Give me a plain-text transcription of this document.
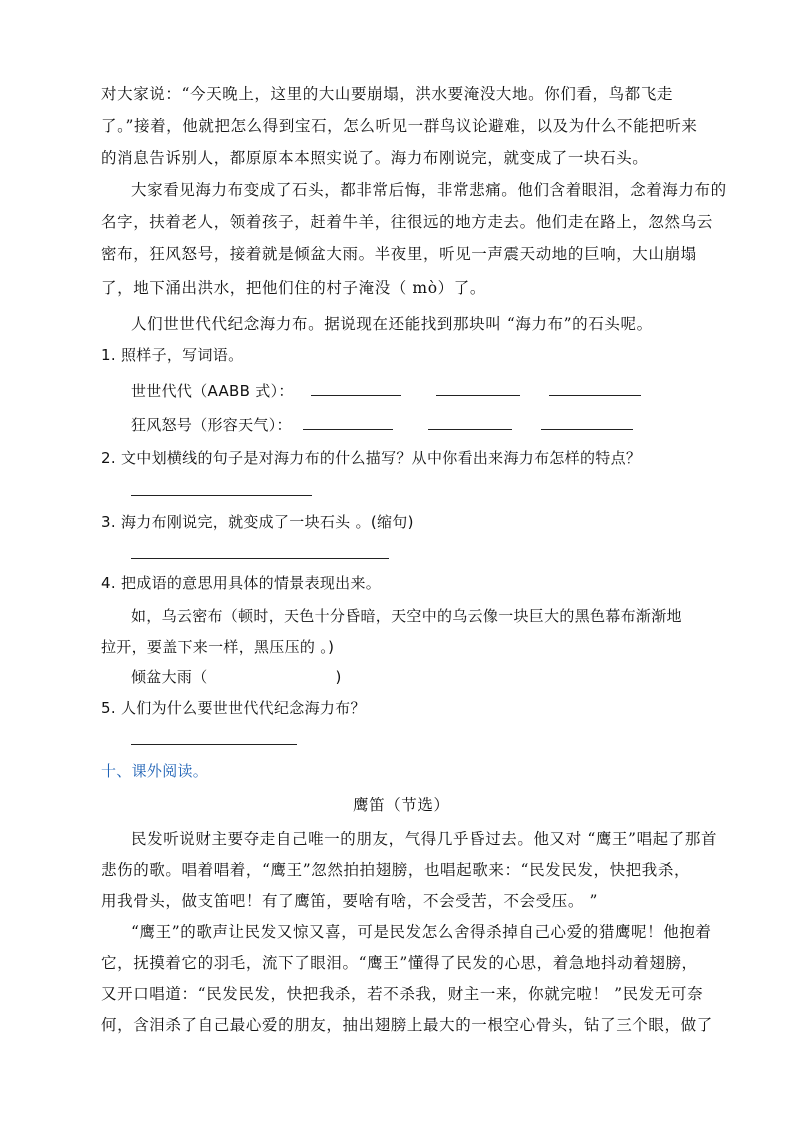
对大家说：“今天晚上，这里的大山要崩塌，洪水要淹没大地。你们看，鸟都飞走
了。”接着，他就把怎么得到宝石，怎么听见一群鸟议论避难，以及为什么不能把听来
的消息告诉别人，都原原本本照实说了。海力布刚说完，就变成了一块石头。
大家看见海力布变成了石头，都非常后悔，非常悲痛。他们含着眼泪，念着海力布的
名字，扶着老人，领着孩子，赶着牛羊，往很远的地方走去。他们走在路上，忽然乌云
密布，狂风怒号，接着就是倾盆大雨。半夜里，听见一声震天动地的巨响，大山崩塌
了，地下涌出洪水，把他们住的村子淹没（ mò）了。
人们世世代代纪念海力布。据说现在还能找到那块叫 “海力布”的石头呢。
1. 照样子，写词语。
世世代代（AABB 式）：
狂风怒号（形容天气）：
2. 文中划横线的句子是对海力布的什么描写？从中你看出来海力布怎样的特点？
3. 海力布刚说完，就变成了一块石头 。(缩句)
4. 把成语的意思用具体的情景表现出来。
如，乌云密布（顿时，天色十分昏暗，天空中的乌云像一块巨大的黑色幕布渐渐地
拉开，要盖下来一样，黑压压的 。)
倾盆大雨（	)
5. 人们为什么要世世代代纪念海力布？
十、课外阅读。
鹰笛（节选）
民发听说财主要夺走自己唯一的朋友，气得几乎昏过去。他又对 “鹰王”唱起了那首
悲伤的歌。唱着唱着，“鹰王”忽然拍拍翅膀，也唱起歌来：“民发民发，快把我杀，
用我骨头，做支笛吧！有了鹰笛，要啥有啥，不会受苦，不会受压。 ”
“鹰王”的歌声让民发又惊又喜，可是民发怎么舍得杀掉自己心爱的猎鹰呢！他抱着
它，抚摸着它的羽毛，流下了眼泪。“鹰王”懂得了民发的心思，着急地抖动着翅膀，
又开口唱道：“民发民发，快把我杀，若不杀我，财主一来，你就完啦！ ”民发无可奈
何，含泪杀了自己最心爱的朋友，抽出翅膀上最大的一根空心骨头，钻了三个眼，做了
